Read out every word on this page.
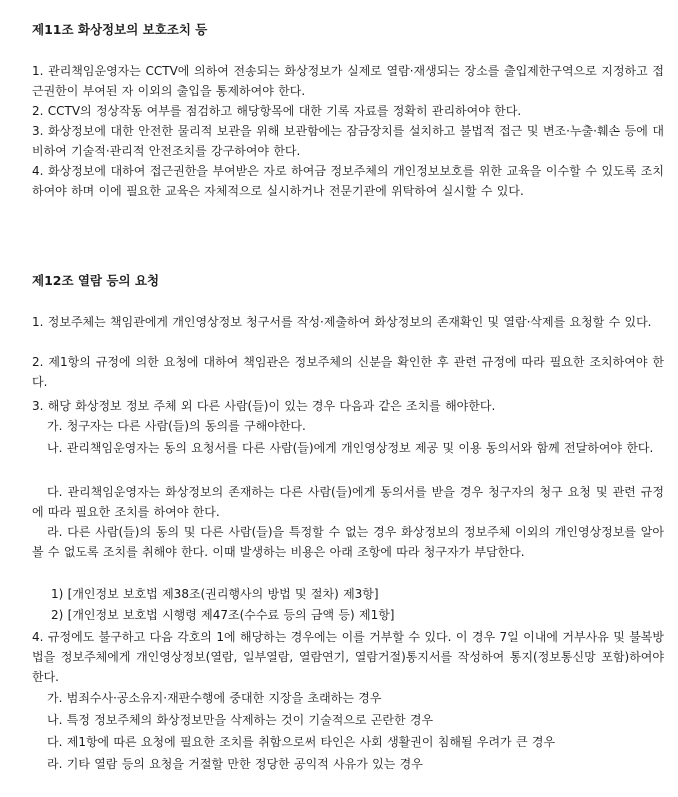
제11조 화상정보의 보호조치 등
1. 관리책임운영자는 CCTV에 의하여 전송되는 화상정보가 실제로 열람·재생되는 장소를 출입제한구역으로 지정하고 접근권한이 부여된 자 이외의 출입을 통제하여야 한다.
2. CCTV의 정상작동 여부를 점검하고 해당항목에 대한 기록 자료를 정확히 관리하여야 한다.
3. 화상정보에 대한 안전한 물리적 보관을 위해 보관함에는 잠금장치를 설치하고 불법적 접근 및 변조·누출·훼손 등에 대비하여 기술적·관리적 안전조치를 강구하여야 한다.
4. 화상정보에 대하여 접근권한을 부여받은 자로 하여금 정보주체의 개인정보보호를 위한 교육을 이수할 수 있도록 조치하여야 하며 이에 필요한 교육은 자체적으로 실시하거나 전문기관에 위탁하여 실시할 수 있다.
제12조 열람 등의 요청
1. 정보주체는 책임관에게 개인영상정보 청구서를 작성·제출하여 화상정보의 존재확인 및 열람·삭제를 요청할 수 있다.
2. 제1항의 규정에 의한 요청에 대하여 책임관은 정보주체의 신분을 확인한 후 관련 규정에 따라 필요한 조치하여야 한다.
3. 해당 화상정보 정보 주체 외 다른 사람(들)이 있는 경우 다음과 같은 조치를 해야한다.
가. 청구자는 다른 사람(들)의 동의를 구해야한다.
나. 관리책임운영자는 동의 요청서를 다른 사람(들)에게 개인영상정보 제공 및 이용 동의서와 함께 전달하여야 한다.
다. 관리책임운영자는 화상정보의 존재하는 다른 사람(들)에게 동의서를 받을 경우 청구자의 청구 요청 및 관련 규정에 따라 필요한 조치를 하여야 한다.
라. 다른 사람(들)의 동의 및 다른 사람(들)을 특정할 수 없는 경우 화상정보의 정보주체 이외의 개인영상정보를 알아볼 수 없도록 조치를 취해야 한다. 이때 발생하는 비용은 아래 조항에 따라 청구자가 부담한다.
1) [개인정보 보호법 제38조(권리행사의 방법 및 절차) 제3항]
2) [개인정보 보호법 시행령 제47조(수수료 등의 금액 등) 제1항]
4. 규정에도 불구하고 다음 각호의 1에 해당하는 경우에는 이를 거부할 수 있다. 이 경우 7일 이내에 거부사유 및 불복방법을 정보주체에게 개인영상정보(열람, 일부열람, 열람연기, 열람거절)통지서를 작성하여 통지(정보통신망 포함)하여야 한다.
가. 범죄수사·공소유지·재판수행에 중대한 지장을 초래하는 경우
나. 특정 정보주체의 화상정보만을 삭제하는 것이 기술적으로 곤란한 경우
다. 제1항에 따른 요청에 필요한 조치를 취함으로써 타인은 사회 생활권이 침해될 우려가 큰 경우
라. 기타 열람 등의 요청을 거절할 만한 정당한 공익적 사유가 있는 경우
